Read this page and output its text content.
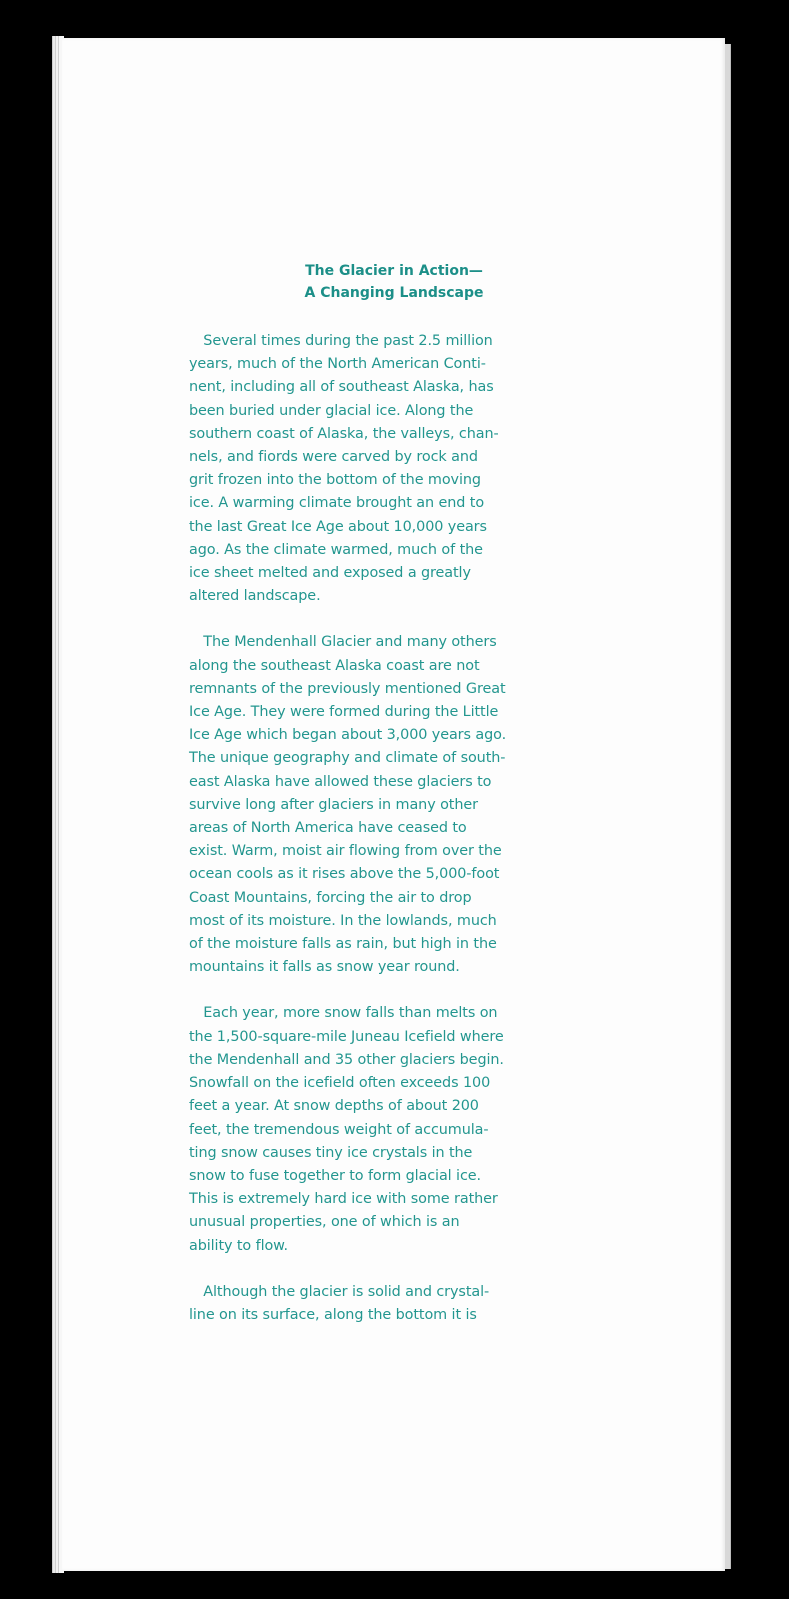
The Glacier in Action—
A Changing Landscape

 Several times during the past 2.5 million
years, much of the North American Conti-
nent, including all of southeast Alaska, has
been buried under glacial ice. Along the
southern coast of Alaska, the valleys, chan-
nels, and fiords were carved by rock and
grit frozen into the bottom of the moving
ice. A warming climate brought an end to
the last Great Ice Age about 10,000 years
ago. As the climate warmed, much of the
ice sheet melted and exposed a greatly
altered landscape.

 The Mendenhall Glacier and many others
along the southeast Alaska coast are not
remnants of the previously mentioned Great
Ice Age. They were formed during the Little
Ice Age which began about 3,000 years ago.
The unique geography and climate of south-
east Alaska have allowed these glaciers to
survive long after glaciers in many other
areas of North America have ceased to
exist. Warm, moist air flowing from over the
ocean cools as it rises above the 5,000-foot
Coast Mountains, forcing the air to drop
most of its moisture. In the lowlands, much
of the moisture falls as rain, but high in the
mountains it falls as snow year round.

 Each year, more snow falls than melts on
the 1,500-square-mile Juneau Icefield where
the Mendenhall and 35 other glaciers begin.
Snowfall on the icefield often exceeds 100
feet a year. At snow depths of about 200
feet, the tremendous weight of accumula-
ting snow causes tiny ice crystals in the
snow to fuse together to form glacial ice.
This is extremely hard ice with some rather
unusual properties, one of which is an
ability to flow.

 Although the glacier is solid and crystal-
line on its surface, along the bottom it is
